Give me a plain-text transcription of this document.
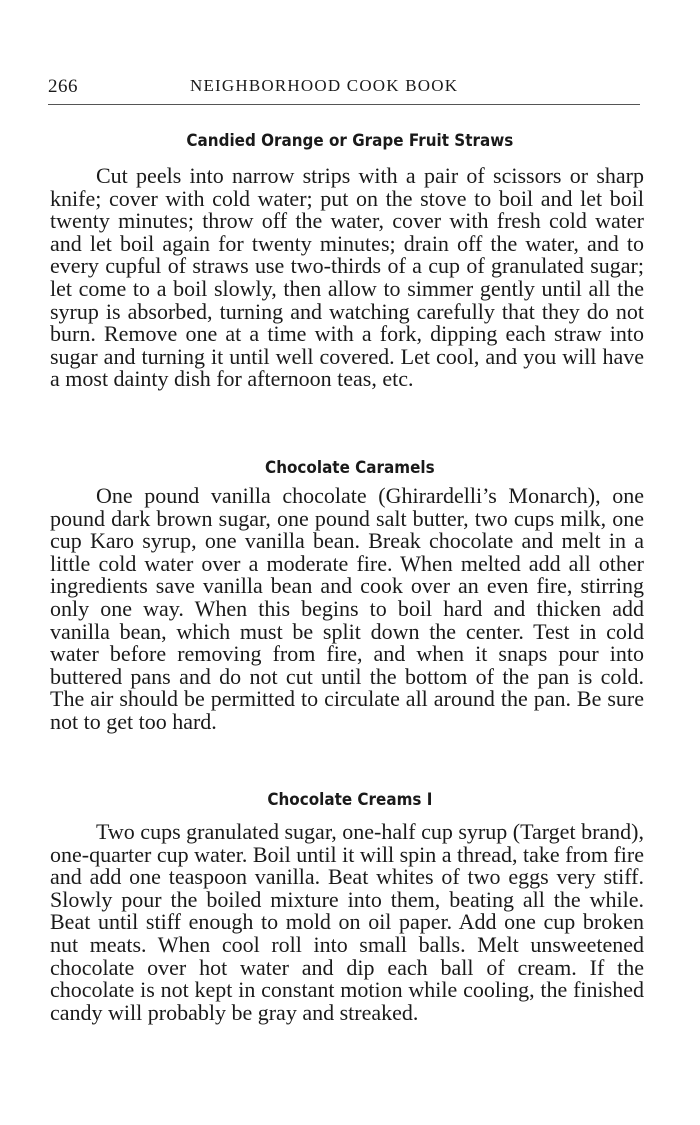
266	NEIGHBORHOOD COOK BOOK
Candied Orange or Grape Fruit Straws

Cut peels into narrow strips with a pair of scissors or sharp knife; cover with cold water; put on the stove to boil and let boil twenty minutes; throw off the water, cover with fresh cold water and let boil again for twenty minutes; drain off the water, and to every cupful of straws use two-thirds of a cup of granulated sugar; let come to a boil slowly, then allow to simmer gently until all the syrup is absorbed, turning and watching carefully that they do not burn. Remove one at a time with a fork, dipping each straw into sugar and turning it until well covered. Let cool, and you will have a most dainty dish for afternoon teas, etc.

Chocolate Caramels

One pound vanilla chocolate (Ghirardelli’s Monarch), one pound dark brown sugar, one pound salt butter, two cups milk, one cup Karo syrup, one vanilla bean. Break chocolate and melt in a little cold water over a moderate fire. When melted add all other ingredients save vanilla bean and cook over an even fire, stirring only one way. When this begins to boil hard and thicken add vanilla bean, which must be split down the center. Test in cold water before removing from fire, and when it snaps pour into buttered pans and do not cut until the bottom of the pan is cold. The air should be permitted to circulate all around the pan. Be sure not to get too hard.

Chocolate Creams I

Two cups granulated sugar, one-half cup syrup (Target brand), one-quarter cup water. Boil until it will spin a thread, take from fire and add one teaspoon vanilla. Beat whites of two eggs very stiff. Slowly pour the boiled mixture into them, beating all the while. Beat until stiff enough to mold on oil paper. Add one cup broken nut meats. When cool roll into small balls. Melt unsweetened chocolate over hot water and dip each ball of cream. If the chocolate is not kept in constant motion while cooling, the finished candy will probably be gray and streaked.
